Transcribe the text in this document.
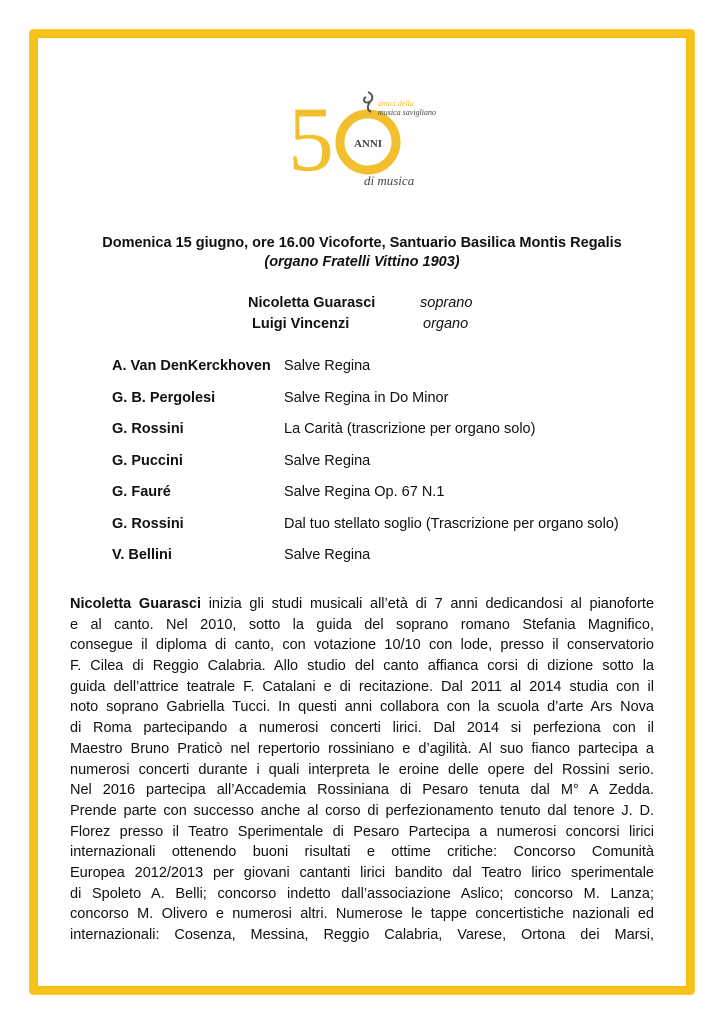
5 ANNI
amici della
musica savigliano
di musica
Domenica 15 giugno, ore 16.00 Vicoforte, Santuario Basilica Montis Regalis
(organo Fratelli Vittino 1903)
Nicoletta Guarasci	soprano
Luigi Vincenzi	organo
A. Van DenKerckhoven Salve Regina
G. B. Pergolesi	Salve Regina in Do Minor
G. Rossini	La Carità (trascrizione per organo solo)
G. Puccini	Salve Regina
G. Fauré	Salve Regina Op. 67 N.1
G. Rossini	Dal tuo stellato soglio (Trascrizione per organo solo)
V. Bellini	Salve Regina
Nicoletta Guarasci inizia gli studi musicali all’età di 7 anni dedicandosi al pianoforte
e al canto. Nel 2010, sotto la guida del soprano romano Stefania Magnifico,
consegue il diploma di canto, con votazione 10/10 con lode, presso il conservatorio
F. Cilea di Reggio Calabria. Allo studio del canto affianca corsi di dizione sotto la
guida dell’attrice teatrale F. Catalani e di recitazione. Dal 2011 al 2014 studia con il
noto soprano Gabriella Tucci. In questi anni collabora con la scuola d’arte Ars Nova
di Roma partecipando a numerosi concerti lirici. Dal 2014 si perfeziona con il
Maestro Bruno Praticò nel repertorio rossiniano e d’agilità. Al suo fianco partecipa a
numerosi concerti durante i quali interpreta le eroine delle opere del Rossini serio.
Nel 2016 partecipa all’Accademia Rossiniana di Pesaro tenuta dal M° A Zedda.
Prende parte con successo anche al corso di perfezionamento tenuto dal tenore J. D.
Florez presso il Teatro Sperimentale di Pesaro Partecipa a numerosi concorsi lirici
internazionali ottenendo buoni risultati e ottime critiche: Concorso Comunità
Europea 2012/2013 per giovani cantanti lirici bandito dal Teatro lirico sperimentale
di Spoleto A. Belli; concorso indetto dall’associazione Aslico; concorso M. Lanza;
concorso M. Olivero e numerosi altri. Numerose le tappe concertistiche nazionali ed
internazionali: Cosenza, Messina, Reggio Calabria, Varese, Ortona dei Marsi,
